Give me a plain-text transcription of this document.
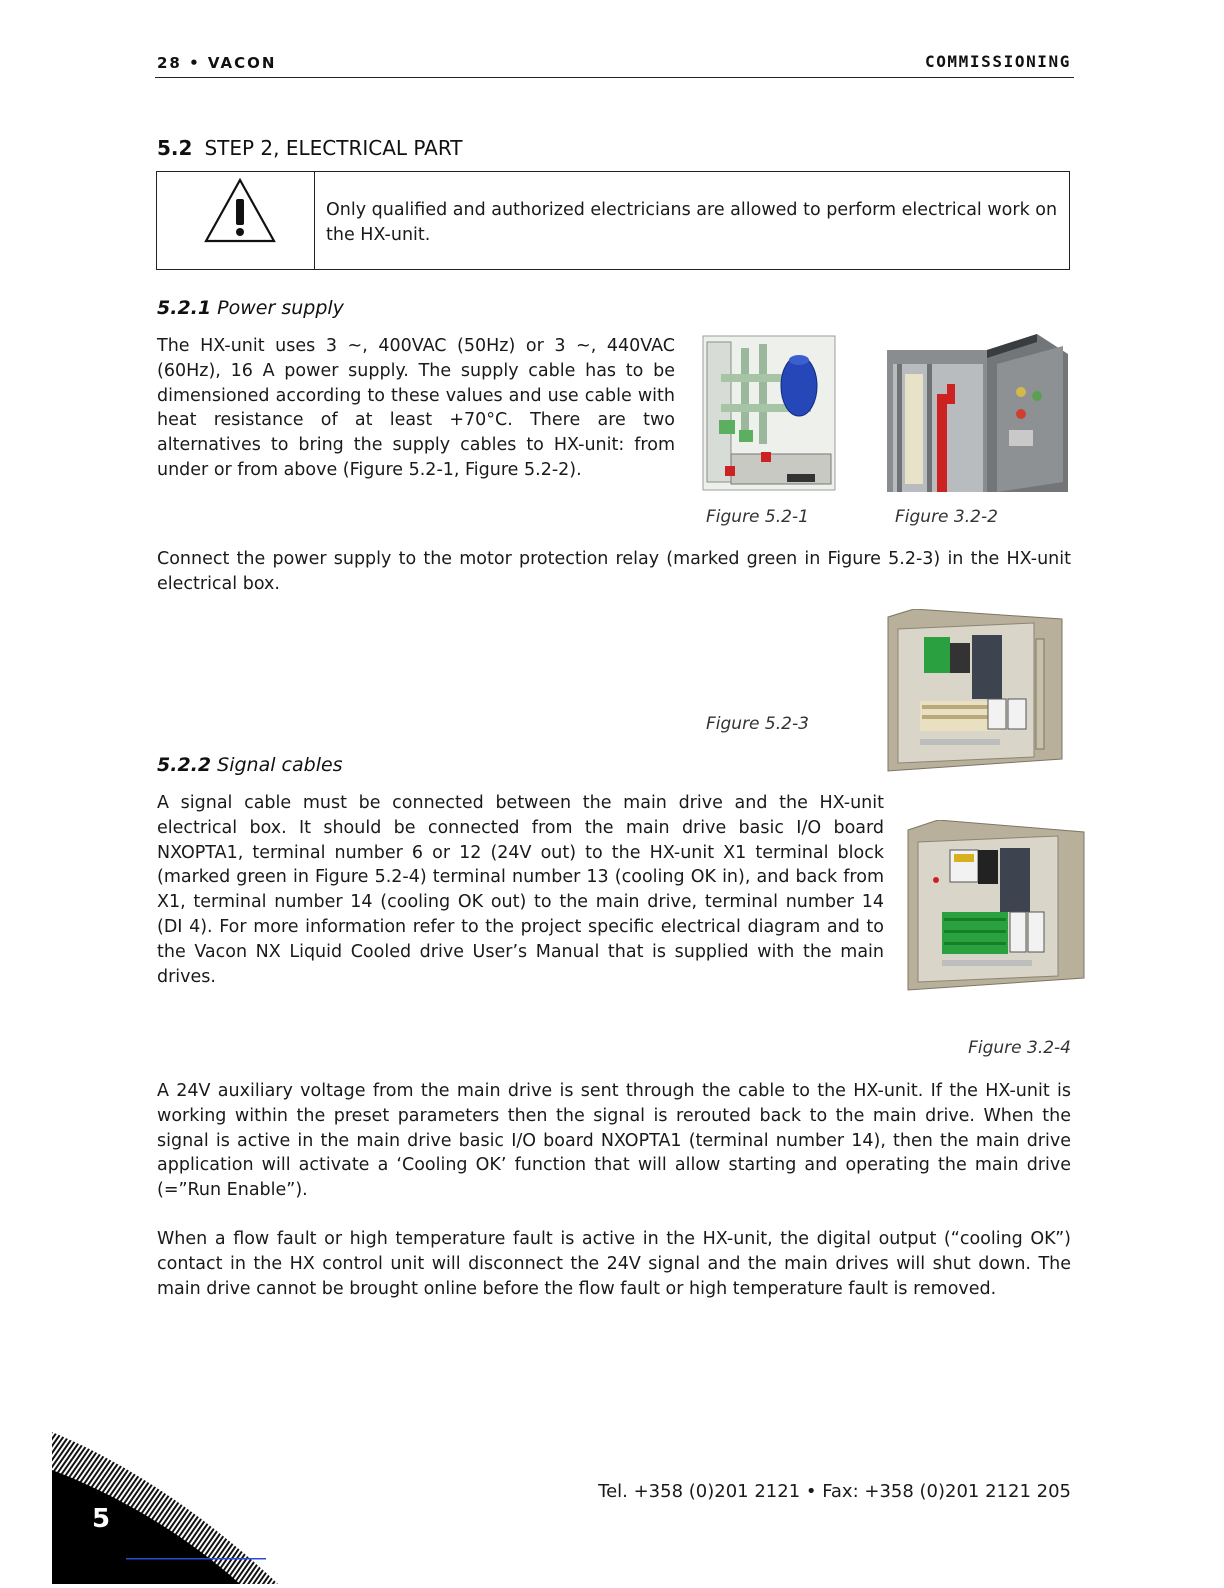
28 • VACON	COMMISSIONING
5.2 STEP 2, ELECTRICAL PART
Only qualified and authorized electricians are allowed to perform electrical work on the HX-unit.
5.2.1 Power supply
The HX-unit uses 3 ~, 400VAC (50Hz) or 3 ~, 440VAC (60Hz), 16 A power supply. The supply cable has to be dimensioned according to these values and use cable with heat resistance of at least +70°C. There are two alternatives to bring the supply cables to HX-unit: from under or from above (Figure 5.2-1, Figure 5.2-2).
Figure 5.2-1	Figure 3.2-2
Connect the power supply to the motor protection relay (marked green in Figure 5.2-3) in the HX-unit electrical box.
Figure 5.2-3
5.2.2 Signal cables
A signal cable must be connected between the main drive and the HX-unit electrical box. It should be connected from the main drive basic I/O board NXOPTA1, terminal number 6 or 12 (24V out) to the HX-unit X1 terminal block (marked green in Figure 5.2-4) terminal number 13 (cooling OK in), and back from X1, terminal number 14 (cooling OK out) to the main drive, terminal number 14 (DI 4). For more information refer to the project specific electrical diagram and to the Vacon NX Liquid Cooled drive User’s Manual that is supplied with the main drives.
Figure 3.2-4
A 24V auxiliary voltage from the main drive is sent through the cable to the HX-unit. If the HX-unit is working within the preset parameters then the signal is rerouted back to the main drive. When the signal is active in the main drive basic I/O board NXOPTA1 (terminal number 14), then the main drive application will activate a ‘Cooling OK’ function that will allow starting and operating the main drive (=”Run Enable”).
When a flow fault or high temperature fault is active in the HX-unit, the digital output (“cooling OK”) contact in the HX control unit will disconnect the 24V signal and the main drives will shut down. The main drive cannot be brought online before the flow fault or high temperature fault is removed.
Tel. +358 (0)201 2121 • Fax: +358 (0)201 2121 205
5
